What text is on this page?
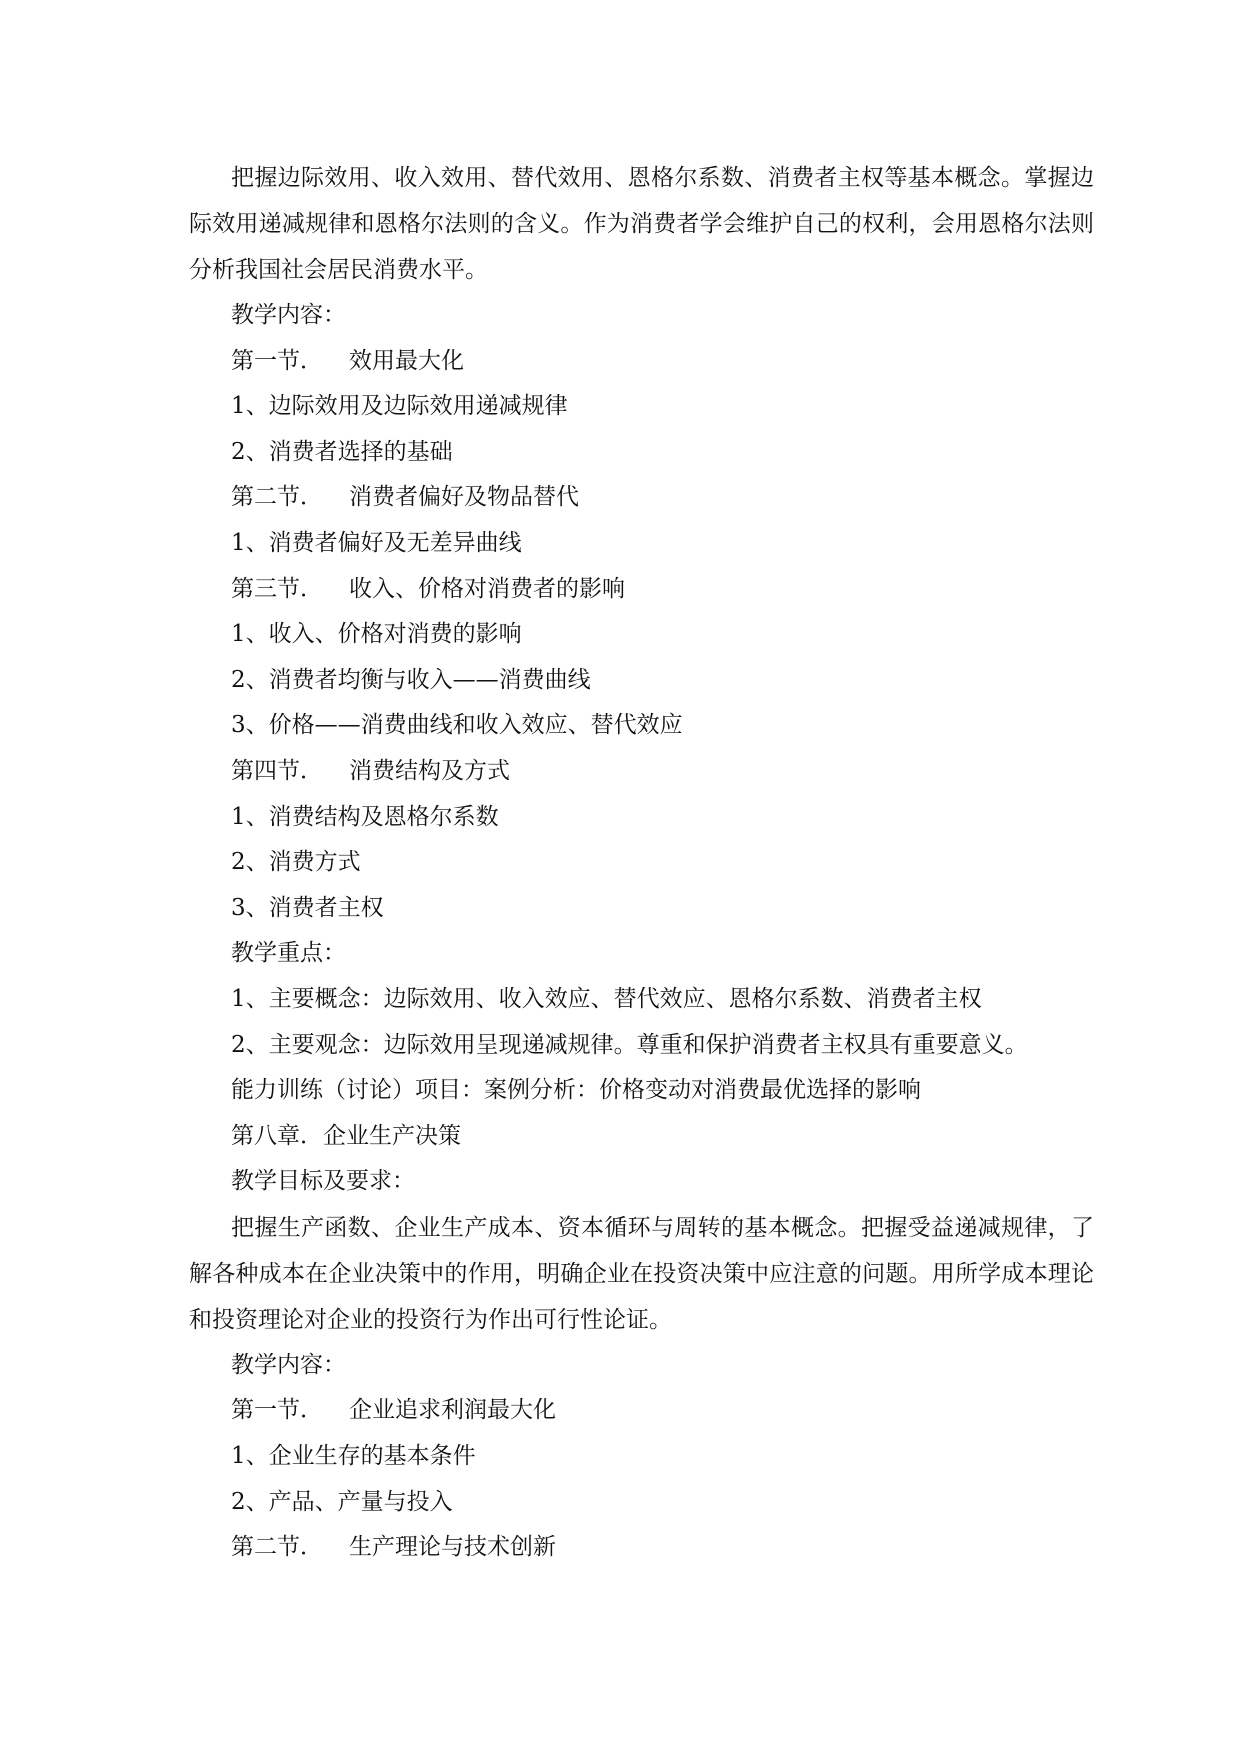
把握边际效用、收入效用、替代效用、恩格尔系数、消费者主权等基本概念。掌握边际效用递减规律和恩格尔法则的含义。作为消费者学会维护自己的权利，会用恩格尔法则分析我国社会居民消费水平。

教学内容：

第一节． 效用最大化

1、边际效用及边际效用递减规律

2、消费者选择的基础

第二节． 消费者偏好及物品替代

1、消费者偏好及无差异曲线

第三节． 收入、价格对消费者的影响

1、收入、价格对消费的影响

2、消费者均衡与收入——消费曲线

3、价格——消费曲线和收入效应、替代效应

第四节． 消费结构及方式

1、消费结构及恩格尔系数

2、消费方式

3、消费者主权

教学重点：

1、主要概念：边际效用、收入效应、替代效应、恩格尔系数、消费者主权

2、主要观念：边际效用呈现递减规律。尊重和保护消费者主权具有重要意义。

能力训练（讨论）项目：案例分析：价格变动对消费最优选择的影响

第八章．企业生产决策

教学目标及要求：

把握生产函数、企业生产成本、资本循环与周转的基本概念。把握受益递减规律，了解各种成本在企业决策中的作用，明确企业在投资决策中应注意的问题。用所学成本理论和投资理论对企业的投资行为作出可行性论证。

教学内容：

第一节． 企业追求利润最大化

1、企业生存的基本条件

2、产品、产量与投入

第二节． 生产理论与技术创新
